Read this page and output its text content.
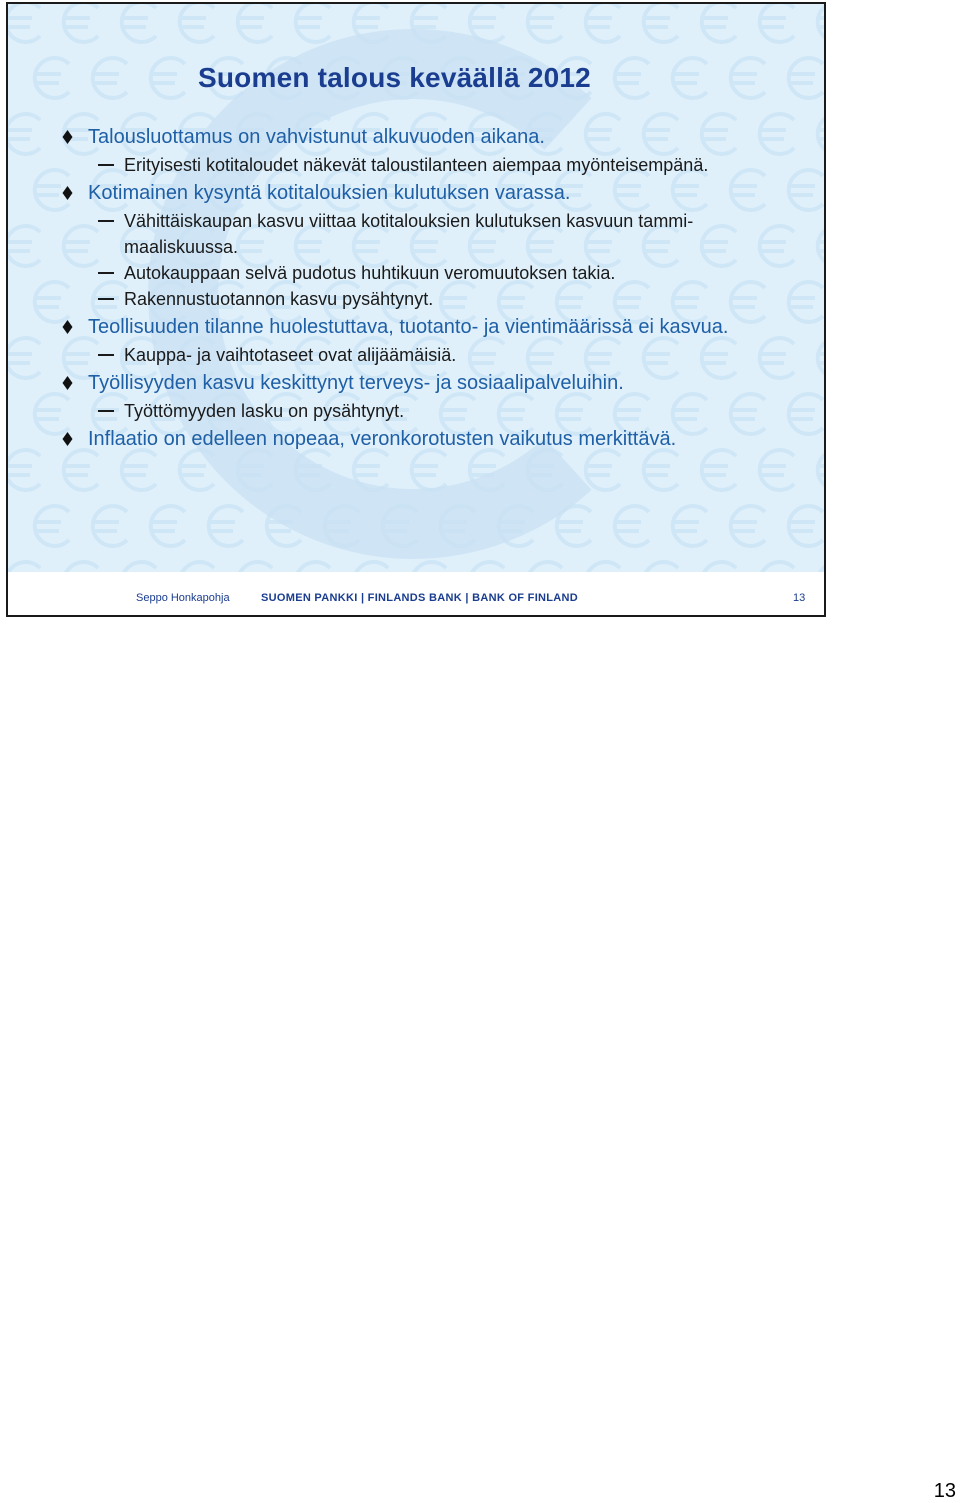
Suomen talous keväällä 2012
Talousluottamus on vahvistunut alkuvuoden aikana.
Erityisesti kotitaloudet näkevät taloustilanteen aiempaa myönteisempänä.
Kotimainen kysyntä kotitalouksien kulutuksen varassa.
Vähittäiskaupan kasvu viittaa kotitalouksien kulutuksen kasvuun tammi-maaliskuussa.
Autokauppaan selvä pudotus huhtikuun veromuutoksen takia.
Rakennustuotannon kasvu pysähtynyt.
Teollisuuden tilanne huolestuttava, tuotanto- ja vientimäärissä ei kasvua.
Kauppa- ja vaihtotaseet ovat alijäämäisiä.
Työllisyyden kasvu keskittynyt terveys- ja sosiaalipalveluihin.
Työttömyyden lasku on pysähtynyt.
Inflaatio on edelleen nopeaa, veronkorotusten vaikutus merkittävä.
Seppo Honkapohja	SUOMEN PANKKI | FINLANDS BANK | BANK OF FINLAND	13
13
